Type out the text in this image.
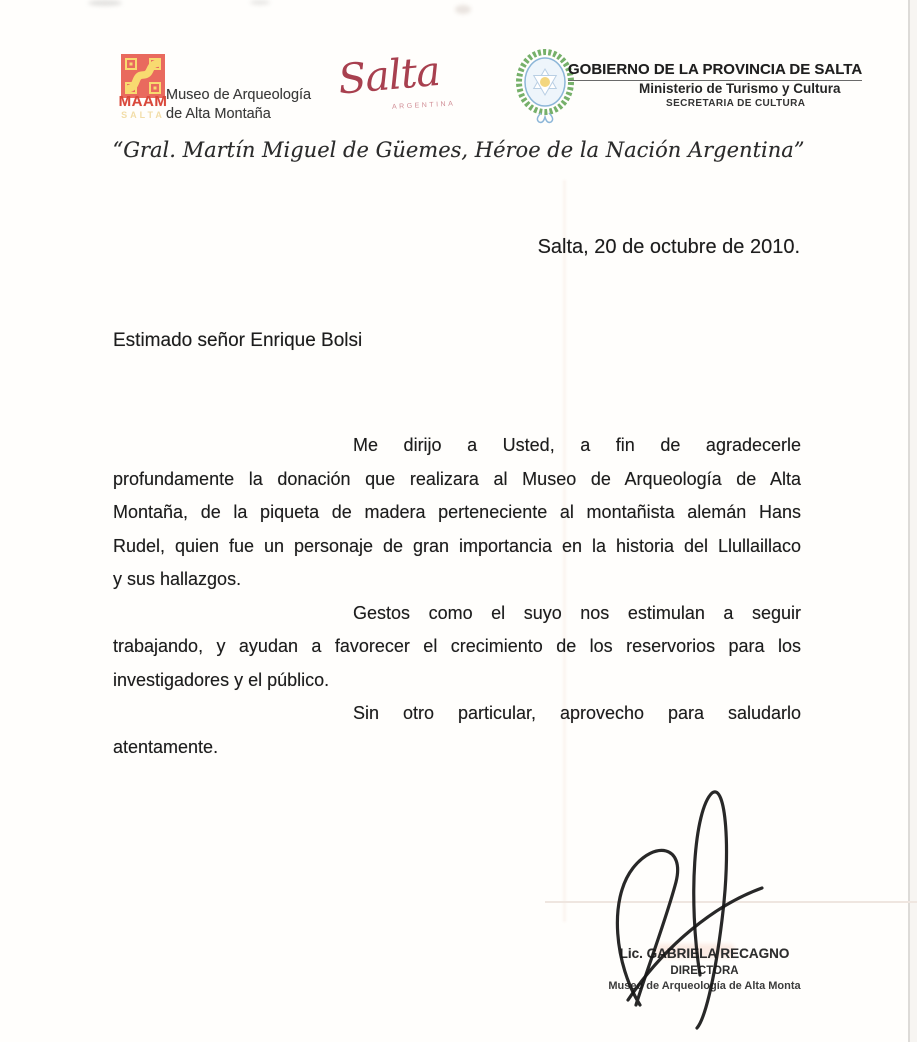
MAAM
SALTA
Museo de Arqueología
de Alta Montaña
Salta
ARGENTINA
GOBIERNO DE LA PROVINCIA DE SALTA
Ministerio de Turismo y Cultura
SECRETARIA DE CULTURA
“Gral. Martín Miguel de Güemes, Héroe de la Nación Argentina”
Salta, 20 de octubre de 2010.
Estimado señor Enrique Bolsi
Me dirijo a Usted, a fin de agradecerle
profundamente la donación que realizara al Museo de Arqueología de Alta
Montaña, de la piqueta de madera perteneciente al montañista alemán Hans
Rudel, quien fue un personaje de gran importancia en la historia del Llullaillaco
y sus hallazgos.
Gestos como el suyo nos estimulan a seguir
trabajando, y ayudan a favorecer el crecimiento de los reservorios para los
investigadores y el público.
Sin otro particular, aprovecho para saludarlo
atentamente.
Lic. GABRIELA RECAGNO
DIRECTORA
Museo de Arqueología de Alta Monta
